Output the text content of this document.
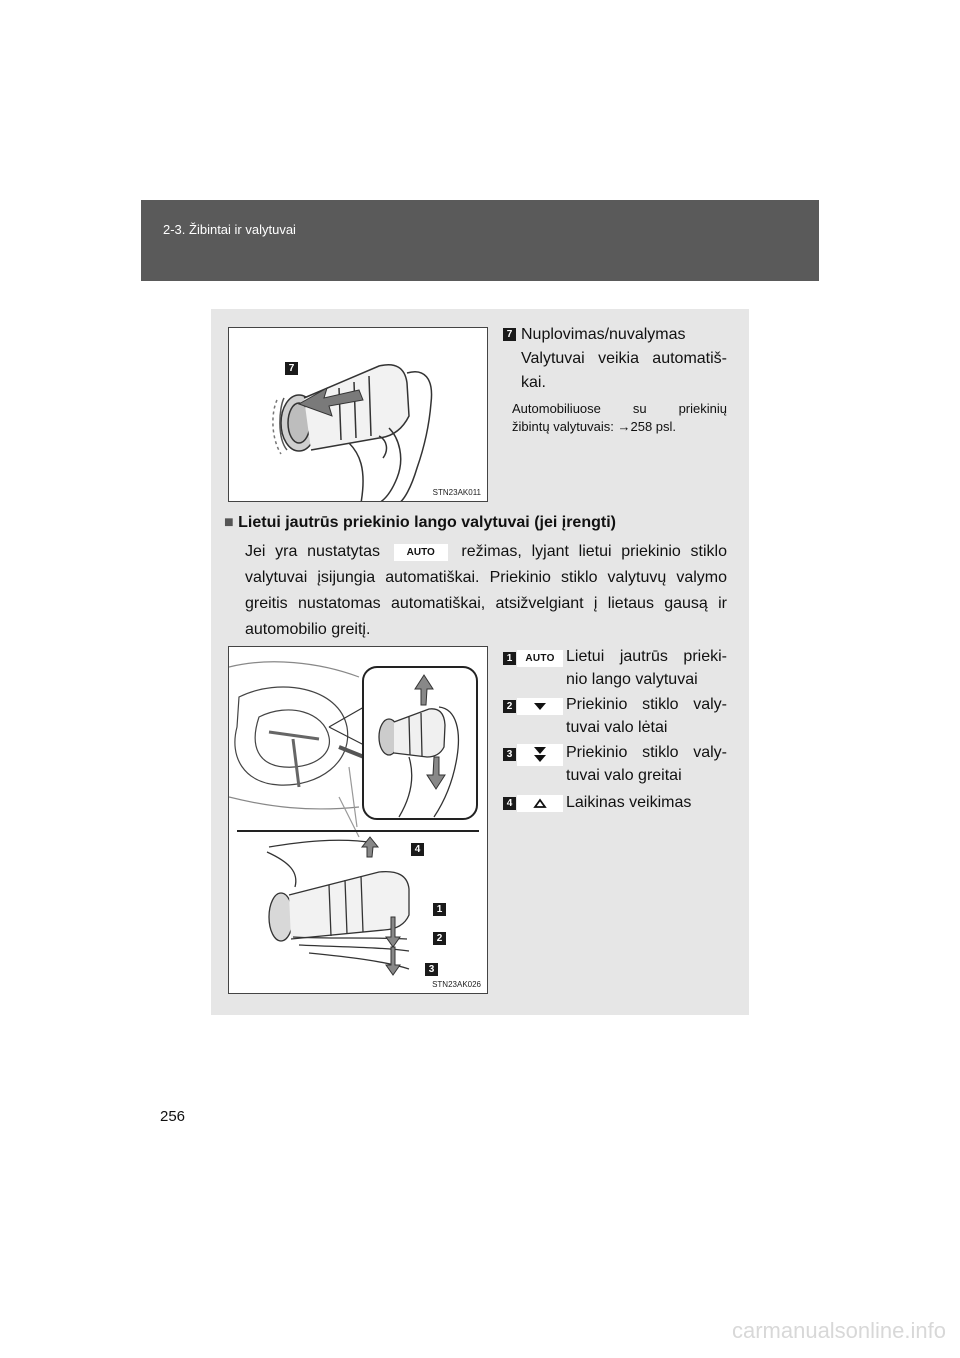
2-3. Žibintai ir valytuvai
7
STN23AK011
7 Nuplovimas/nuvalymas
Valytuvai veikia automatiš-
kai.
Automobiliuose su priekinių
žibintų valytuvais: →258 psl.
■ Lietui jautrūs priekinio lango valytuvai (jei įrengti)
Jei yra nustatytas	AUTO režimas, lyjant lietui priekinio stiklo valytuvai įsijungia automatiškai. Priekinio stiklo valytuvų valymo greitis nustatomas automatiškai, atsižvelgiant į lietaus gausą ir automobilio greitį.
4
1
2
3
STN23AK026
1	AUTO Lietui jautrūs prieki-
nio lango valytuvai
2	Priekinio stiklo valy-
tuvai valo lėtai
3	Priekinio stiklo valy-
tuvai valo greitai
4	Laikinas veikimas
256
carmanualsonline.info
